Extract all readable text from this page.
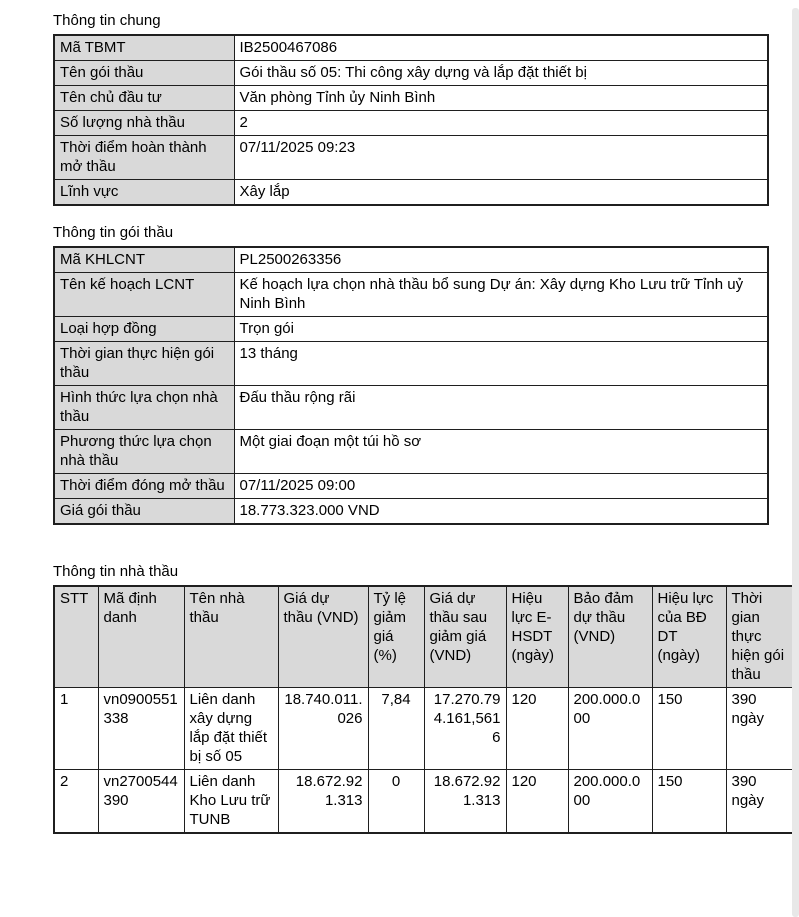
Thông tin chung
Mã TBMT	IB2500467086
Tên gói thầu	Gói thầu số 05: Thi công xây dựng và lắp đặt thiết bị
Tên chủ đầu tư	Văn phòng Tỉnh ủy Ninh Bình
Số lượng nhà thầu	2
Thời điểm hoàn thành mở thầu	07/11/2025 09:23
Lĩnh vực	Xây lắp
Thông tin gói thầu
Mã KHLCNT	PL2500263356
Tên kế hoạch LCNT	Kế hoạch lựa chọn nhà thầu bổ sung Dự án: Xây dựng Kho Lưu trữ Tỉnh uỷ Ninh Bình
Loại hợp đồng	Trọn gói
Thời gian thực hiện gói thầu	13 tháng
Hình thức lựa chọn nhà thầu	Đấu thầu rộng rãi
Phương thức lựa chọn nhà thầu	Một giai đoạn một túi hồ sơ
Thời điểm đóng mở thầu	07/11/2025 09:00
Giá gói thầu	18.773.323.000 VND
Thông tin nhà thầu
STT	Mã định danh	Tên nhà thầu	Giá dự thầu (VND)	Tỷ lệ giảm giá (%)	Giá dự thầu sau giảm giá (VND)	Hiệu lực E-HSDT (ngày)	Bảo đảm dự thầu (VND)	Hiệu lực của BĐ DT (ngày)	Thời gian thực hiện gói thầu
1	vn0900551338	Liên danh xây dựng lắp đặt thiết bị số 05	18.740.011.026	7,84	17.270.794.161,5616	120	200.000.000	150	390 ngày
2	vn2700544390	Liên danh Kho Lưu trữ TUNB	18.672.921.313	0	18.672.921.313	120	200.000.000	150	390 ngày
